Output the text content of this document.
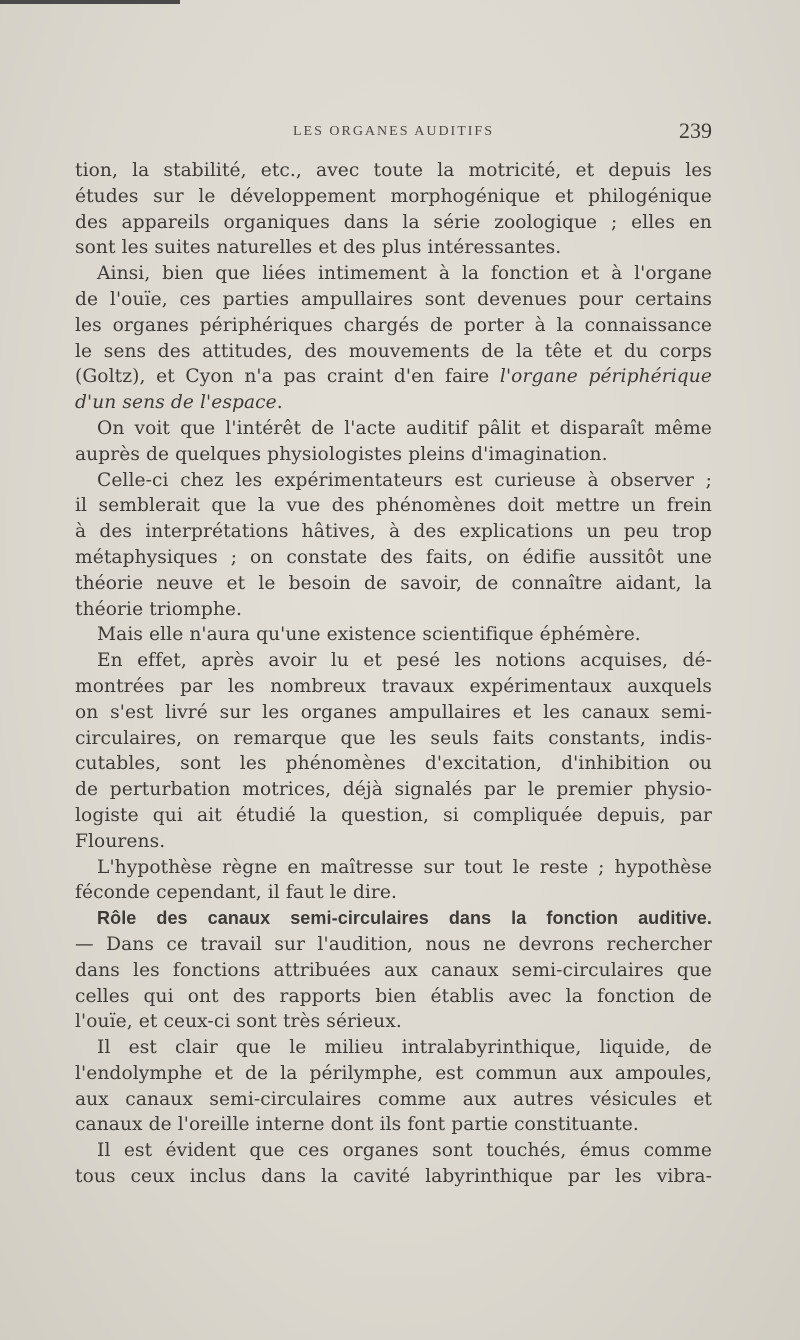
LES ORGANES AUDITIFS	239
tion, la stabilité, etc., avec toute la motricité, et depuis les
études sur le développement morphogénique et philogénique
des appareils organiques dans la série zoologique ; elles en
sont les suites naturelles et des plus intéressantes.
Ainsi, bien que liées intimement à la fonction et à l'organe
de l'ouïe, ces parties ampullaires sont devenues pour certains
les organes périphériques chargés de porter à la connaissance
le sens des attitudes, des mouvements de la tête et du corps
(Goltz), et Cyon n'a pas craint d'en faire l'organe périphérique
d'un sens de l'espace.
On voit que l'intérêt de l'acte auditif pâlit et disparaît même
auprès de quelques physiologistes pleins d'imagination.
Celle-ci chez les expérimentateurs est curieuse à observer ;
il semblerait que la vue des phénomènes doit mettre un frein
à des interprétations hâtives, à des explications un peu trop
métaphysiques ; on constate des faits, on édifie aussitôt une
théorie neuve et le besoin de savoir, de connaître aidant, la
théorie triomphe.
Mais elle n'aura qu'une existence scientifique éphémère.
En effet, après avoir lu et pesé les notions acquises, dé-
montrées par les nombreux travaux expérimentaux auxquels
on s'est livré sur les organes ampullaires et les canaux semi-
circulaires, on remarque que les seuls faits constants, indis-
cutables, sont les phénomènes d'excitation, d'inhibition ou
de perturbation motrices, déjà signalés par le premier physio-
logiste qui ait étudié la question, si compliquée depuis, par
Flourens.
L'hypothèse règne en maîtresse sur tout le reste ; hypothèse
féconde cependant, il faut le dire.
Rôle des canaux semi-circulaires dans la fonction auditive.
— Dans ce travail sur l'audition, nous ne devrons rechercher
dans les fonctions attribuées aux canaux semi-circulaires que
celles qui ont des rapports bien établis avec la fonction de
l'ouïe, et ceux-ci sont très sérieux.
Il est clair que le milieu intralabyrinthique, liquide, de
l'endolymphe et de la périlymphe, est commun aux ampoules,
aux canaux semi-circulaires comme aux autres vésicules et
canaux de l'oreille interne dont ils font partie constituante.
Il est évident que ces organes sont touchés, émus comme
tous ceux inclus dans la cavité labyrinthique par les vibra-
